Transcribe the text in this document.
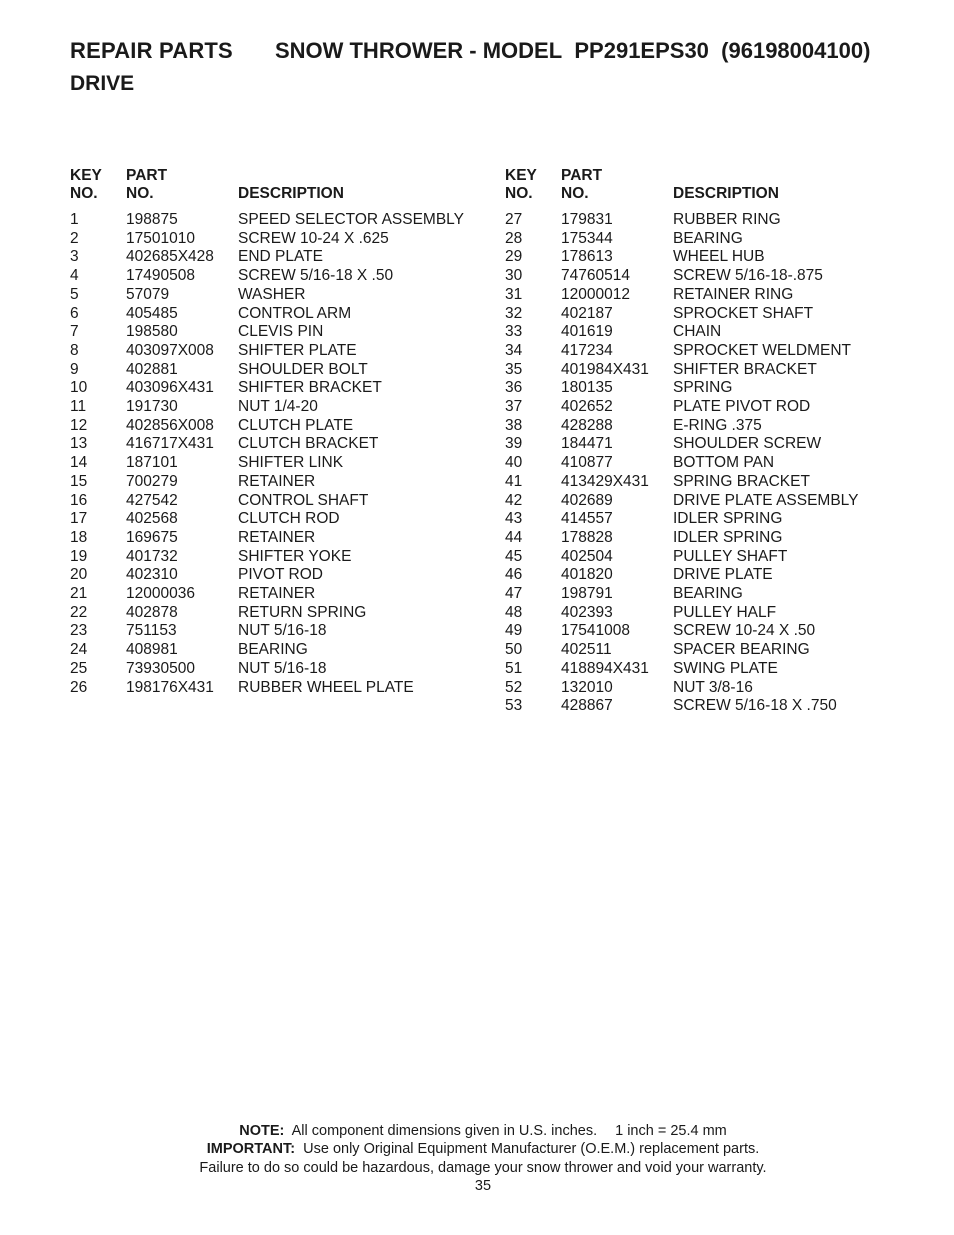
REPAIR PARTS SNOW THROWER - MODEL PP291EPS30 (96198004100)
DRIVE
KEY
NO.
PART
NO.	DESCRIPTION
1	198875	SPEED SELECTOR ASSEMBLY
2	17501010	SCREW 10-24 X .625
3	402685X428	END PLATE
4	17490508	SCREW 5/16-18 X .50
5	57079	WASHER
6	405485	CONTROL ARM
7	198580	CLEVIS PIN
8	403097X008	SHIFTER PLATE
9	402881	SHOULDER BOLT
10	403096X431	SHIFTER BRACKET
11	191730	NUT 1/4-20
12	402856X008	CLUTCH PLATE
13	416717X431	CLUTCH BRACKET
14	187101	SHIFTER LINK
15	700279	RETAINER
16	427542	CONTROL SHAFT
17	402568	CLUTCH ROD
18	169675	RETAINER
19	401732	SHIFTER YOKE
20	402310	PIVOT ROD
21	12000036	RETAINER
22	402878	RETURN SPRING
23	751153	NUT 5/16-18
24	408981	BEARING
25	73930500	NUT 5/16-18
26	198176X431	RUBBER WHEEL PLATE
KEY
NO.
PART
NO.	DESCRIPTION
27	179831	RUBBER RING
28	175344	BEARING
29	178613	WHEEL HUB
30	74760514	SCREW 5/16-18-.875
31	12000012	RETAINER RING
32	402187	SPROCKET SHAFT
33	401619	CHAIN
34	417234	SPROCKET WELDMENT
35	401984X431	SHIFTER BRACKET
36	180135	SPRING
37	402652	PLATE PIVOT ROD
38	428288	E-RING .375
39	184471	SHOULDER SCREW
40	410877	BOTTOM PAN
41	413429X431	SPRING BRACKET
42	402689	DRIVE PLATE ASSEMBLY
43	414557	IDLER SPRING
44	178828	IDLER SPRING
45	402504	PULLEY SHAFT
46	401820	DRIVE PLATE
47	198791	BEARING
48	402393	PULLEY HALF
49	17541008	SCREW 10-24 X .50
50	402511	SPACER BEARING
51	418894X431	SWING PLATE
52	132010	NUT 3/8-16
53	428867	SCREW 5/16-18 X .750
NOTE: All component dimensions given in U.S. inches. 1 inch = 25.4 mm
IMPORTANT: Use only Original Equipment Manufacturer (O.E.M.) replacement parts.
Failure to do so could be hazardous, damage your snow thrower and void your warranty.
35
